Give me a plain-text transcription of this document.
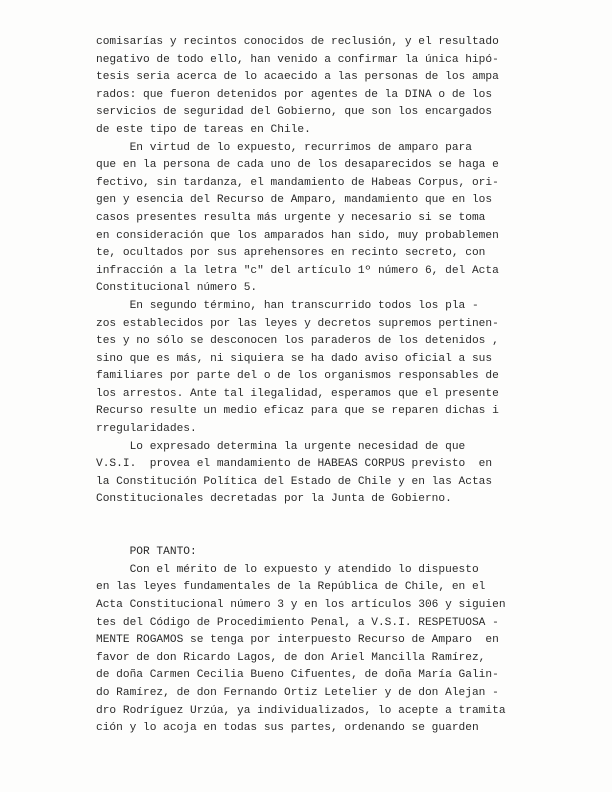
comisarías y recintos conocidos de reclusión, y el resultado
negativo de todo ello, han venido a confirmar la única hipó-
tesis seria acerca de lo acaecido a las personas de los ampa
rados: que fueron detenidos por agentes de la DINA o de los
servicios de seguridad del Gobierno, que son los encargados
de este tipo de tareas en Chile.
En virtud de lo expuesto, recurrimos de amparo para
que en la persona de cada uno de los desaparecidos se haga e
fectivo, sin tardanza, el mandamiento de Habeas Corpus, ori-
gen y esencia del Recurso de Amparo, mandamiento que en los
casos presentes resulta más urgente y necesario si se toma
en consideración que los amparados han sido, muy probablemen
te, ocultados por sus aprehensores en recinto secreto, con
infracción a la letra "c" del artículo 1º número 6, del Acta
Constitucional número 5.
En segundo término, han transcurrido todos los pla -
zos establecidos por las leyes y decretos supremos pertinen-
tes y no sólo se desconocen los paraderos de los detenidos ,
sino que es más, ni siquiera se ha dado aviso oficial a sus
familiares por parte del o de los organismos responsables de
los arrestos. Ante tal ilegalidad, esperamos que el presente
Recurso resulte un medio eficaz para que se reparen dichas i
rregularidades.
Lo expresado determina la urgente necesidad de que
V.S.I.  provea el mandamiento de HABEAS CORPUS previsto  en
la Constitución Política del Estado de Chile y en las Actas
Constitucionales decretadas por la Junta de Gobierno.
POR TANTO:
Con el mérito de lo expuesto y atendido lo dispuesto
en las leyes fundamentales de la República de Chile, en el
Acta Constitucional número 3 y en los artículos 306 y siguien
tes del Código de Procedimiento Penal, a V.S.I. RESPETUOSA -
MENTE ROGAMOS se tenga por interpuesto Recurso de Amparo  en
favor de don Ricardo Lagos, de don Ariel Mancilla Ramírez,
de doña Carmen Cecilia Bueno Cifuentes, de doña María Galin-
do Ramírez, de don Fernando Ortiz Letelier y de don Alejan -
dro Rodríguez Urzúa, ya individualizados, lo acepte a tramita
ción y lo acoja en todas sus partes, ordenando se guarden
